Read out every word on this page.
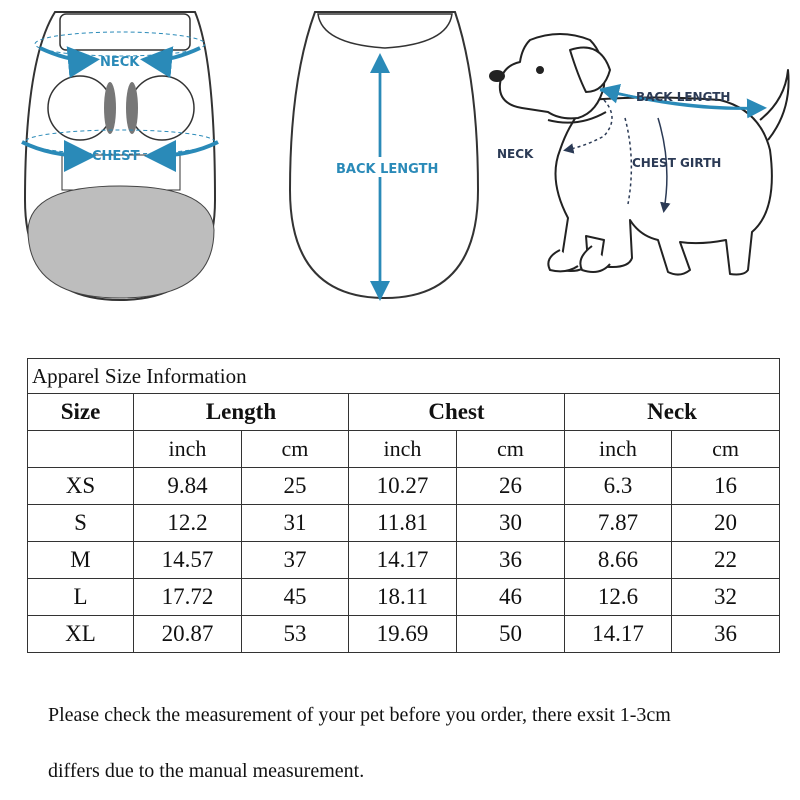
NECK
CHEST
BACK LENGTH
BACK LENGTH
NECK
CHEST GIRTH
Apparel Size Information						
Size	Length		Chest		Neck	
	inch	cm	inch	cm	inch	cm
XS	9.84	25	10.27	26	6.3	16
S	12.2	31	11.81	30	7.87	20
M	14.57	37	14.17	36	8.66	22
L	17.72	45	18.11	46	12.6	32
XL	20.87	53	19.69	50	14.17	36
Please check the measurement of your pet before you order, there exsit 1-3cm
differs due to the manual measurement.
